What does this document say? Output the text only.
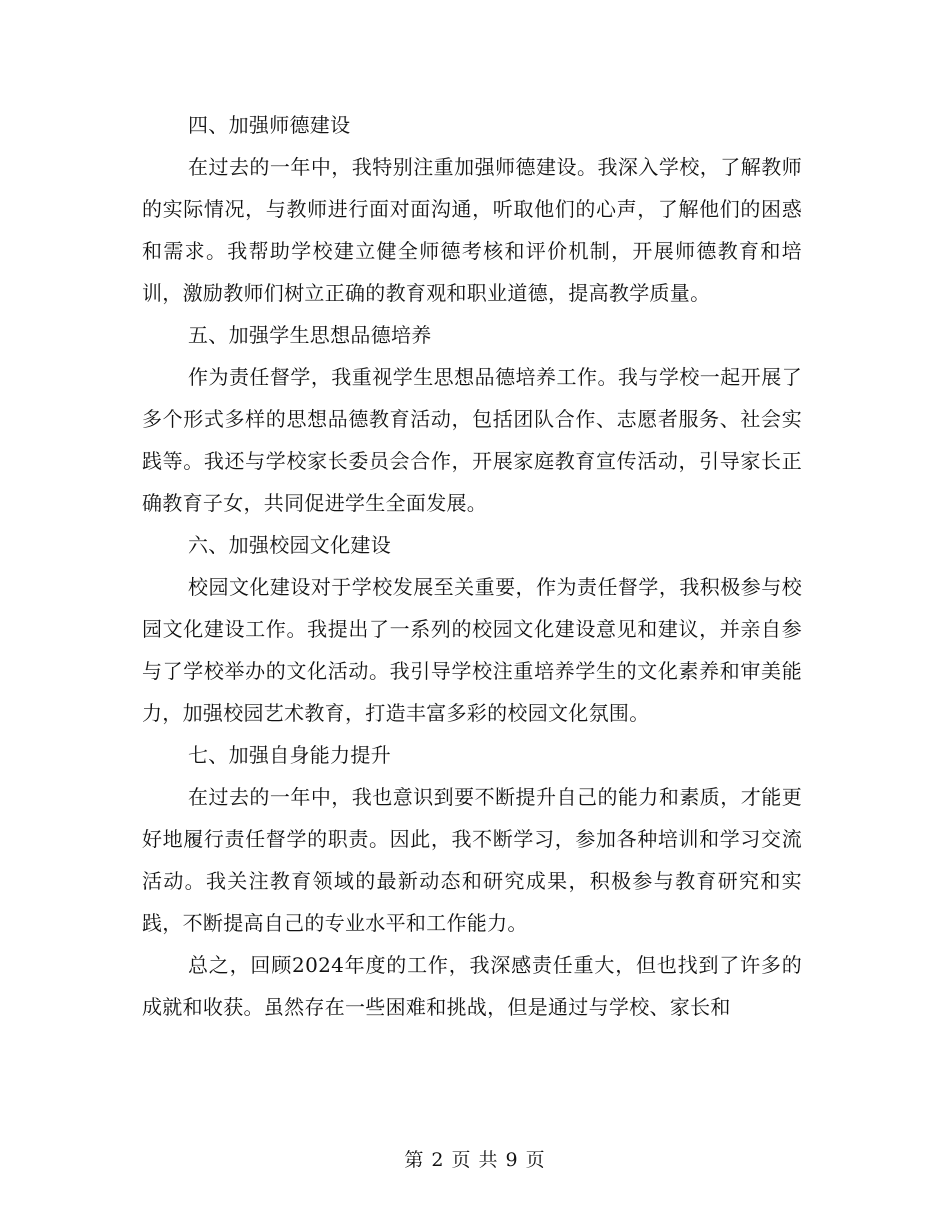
四、加强师德建设

在过去的一年中，我特别注重加强师德建设。我深入学校，了解教师的实际情况，与教师进行面对面沟通，听取他们的心声，了解他们的困惑和需求。我帮助学校建立健全师德考核和评价机制，开展师德教育和培训，激励教师们树立正确的教育观和职业道德，提高教学质量。

五、加强学生思想品德培养

作为责任督学，我重视学生思想品德培养工作。我与学校一起开展了多个形式多样的思想品德教育活动，包括团队合作、志愿者服务、社会实践等。我还与学校家长委员会合作，开展家庭教育宣传活动，引导家长正确教育子女，共同促进学生全面发展。

六、加强校园文化建设

校园文化建设对于学校发展至关重要，作为责任督学，我积极参与校园文化建设工作。我提出了一系列的校园文化建设意见和建议，并亲自参与了学校举办的文化活动。我引导学校注重培养学生的文化素养和审美能力，加强校园艺术教育，打造丰富多彩的校园文化氛围。

七、加强自身能力提升

在过去的一年中，我也意识到要不断提升自己的能力和素质，才能更好地履行责任督学的职责。因此，我不断学习，参加各种培训和学习交流活动。我关注教育领域的最新动态和研究成果，积极参与教育研究和实践，不断提高自己的专业水平和工作能力。

总之，回顾2024年度的工作，我深感责任重大，但也找到了许多的成就和收获。虽然存在一些困难和挑战，但是通过与学校、家长和

第 2 页 共 9 页
